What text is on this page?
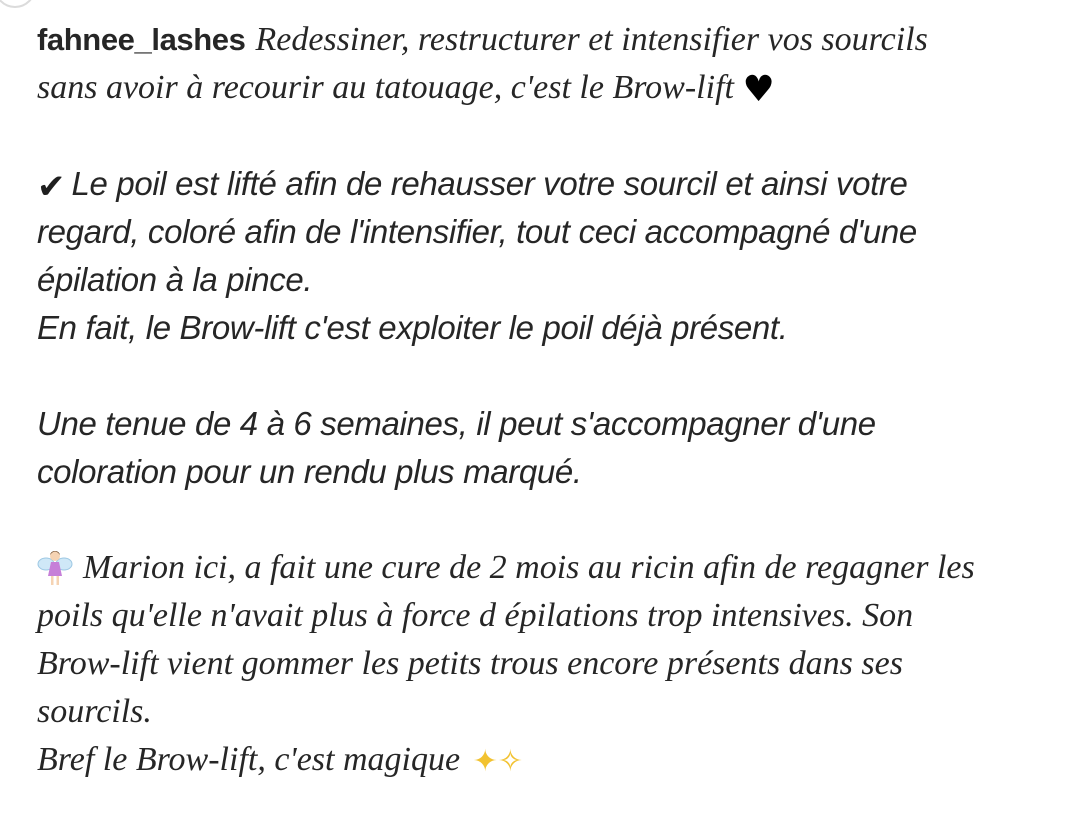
fahnee_lashes Redessiner, restructurer et intensifier vos sourcils
sans avoir à recourir au tatouage, c'est le Brow-lift ♥
✔ Le poil est lifté afin de rehausser votre sourcil et ainsi votre
regard, coloré afin de l'intensifier, tout ceci accompagné d'une
épilation à la pince.
En fait, le Brow-lift c'est exploiter le poil déjà présent.
Une tenue de 4 à 6 semaines, il peut s'accompagner d'une
coloration pour un rendu plus marqué.
Marion ici, a fait une cure de 2 mois au ricin afin de regagner les
poils qu'elle n'avait plus à force d épilations trop intensives. Son
Brow-lift vient gommer les petits trous encore présents dans ses
sourcils.
Bref le Brow-lift, c'est magique ✦✧
